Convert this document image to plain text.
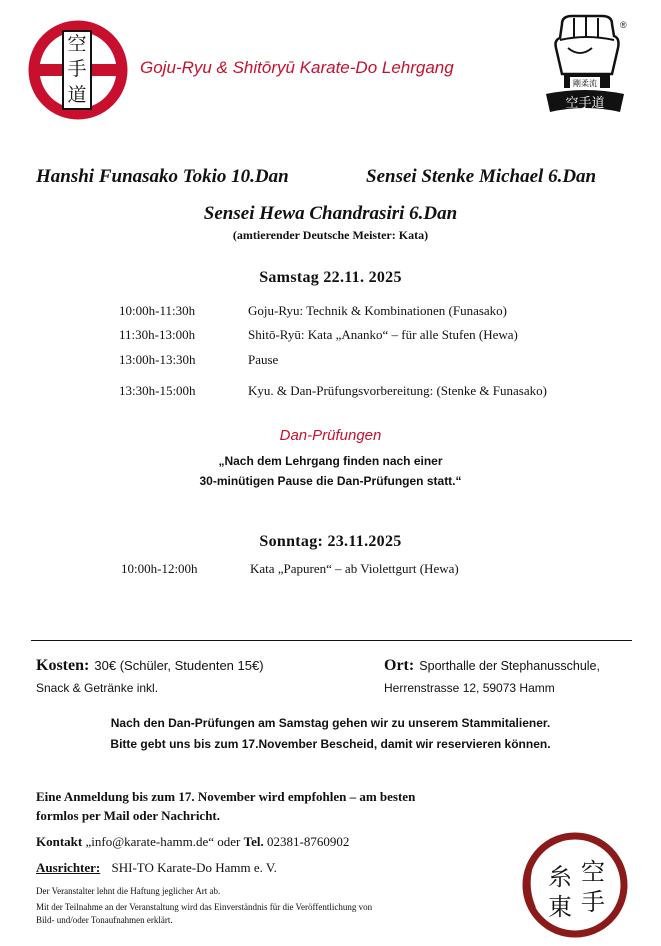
空
手
道
Goju-Ryu & Shitōryū Karate-Do Lehrgang
空手道
剛柔流
®
Hanshi Funasako Tokio 10.Dan	Sensei Stenke Michael 6.Dan
Sensei Hewa Chandrasiri 6.Dan
(amtierender Deutsche Meister: Kata)
Samstag 22.11. 2025
10:00h-11:30h	Goju-Ryu: Technik & Kombinationen (Funasako)
11:30h-13:00h	Shitō-Ryū: Kata „Ananko“ – für alle Stufen (Hewa)
13:00h-13:30h	Pause
13:30h-15:00h	Kyu. & Dan-Prüfungsvorbereitung: (Stenke & Funasako)
Dan-Prüfungen
„Nach dem Lehrgang finden nach einer
30-minütigen Pause die Dan-Prüfungen statt.“
Sonntag: 23.11.2025
10:00h-12:00h	Kata „Papuren“ – ab Violettgurt (Hewa)
Kosten: 30€ (Schüler, Studenten 15€)
Snack & Getränke inkl.
Ort: Sporthalle der Stephanusschule,
Herrenstrasse 12, 59073 Hamm
Nach den Dan-Prüfungen am Samstag gehen wir zu unserem Stammitaliener.
Bitte gebt uns bis zum 17.November Bescheid, damit wir reservieren können.
Eine Anmeldung bis zum 17. November wird empfohlen – am besten
formlos per Mail oder Nachricht.
Kontakt „info@karate-hamm.de“ oder Tel. 02381-8760902
Ausrichter: SHI-TO Karate-Do Hamm e. V.
Der Veranstalter lehnt die Haftung jeglicher Art ab.
Mit der Teilnahme an der Veranstaltung wird das Einverständnis für die Veröffentlichung von
Bild- und/oder Tonaufnahmen erklärt.
空
手
糸
東
